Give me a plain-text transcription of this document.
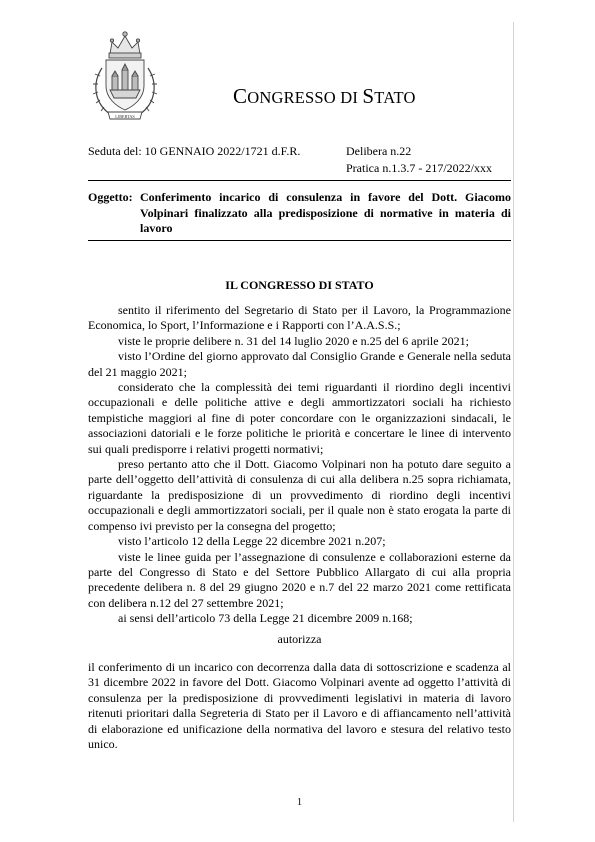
LIBERTAS
CONGRESSO DI STATO
Seduta del: 10 GENNAIO 2022/1721 d.F.R.	Delibera n.22
Pratica n.1.3.7 - 217/2022/xxx
Oggetto: Conferimento incarico di consulenza in favore del Dott. Giacomo Volpinari finalizzato alla predisposizione di normative in materia di lavoro
IL CONGRESSO DI STATO

sentito il riferimento del Segretario di Stato per il Lavoro, la Programmazione Economica, lo Sport, l’Informazione e i Rapporti con l’A.A.S.S.;

viste le proprie delibere n. 31 del 14 luglio 2020 e n.25 del 6 aprile 2021;

visto l’Ordine del giorno approvato dal Consiglio Grande e Generale nella seduta del 21 maggio 2021;

considerato che la complessità dei temi riguardanti il riordino degli incentivi occupazionali e delle politiche attive e degli ammortizzatori sociali ha richiesto tempistiche maggiori al fine di poter concordare con le organizzazioni sindacali, le associazioni datoriali e le forze politiche le priorità e concertare le linee di intervento sui quali predisporre i relativi progetti normativi;

preso pertanto atto che il Dott. Giacomo Volpinari non ha potuto dare seguito a parte dell’oggetto dell’attività di consulenza di cui alla delibera n.25 sopra richiamata, riguardante la predisposizione di un provvedimento di riordino degli incentivi occupazionali e degli ammortizzatori sociali, per il quale non è stato erogata la parte di compenso ivi previsto per la consegna del progetto;

visto l’articolo 12 della Legge 22 dicembre 2021 n.207;

viste le linee guida per l’assegnazione di consulenze e collaborazioni esterne da parte del Congresso di Stato e del Settore Pubblico Allargato di cui alla propria precedente delibera n. 8 del 29 giugno 2020 e n.7 del 22 marzo 2021 come rettificata con delibera n.12 del 27 settembre 2021;

ai sensi dell’articolo 73 della Legge 21 dicembre 2009 n.168;

autorizza
il conferimento di un incarico con decorrenza dalla data di sottoscrizione e scadenza al 31 dicembre 2022 in favore del Dott. Giacomo Volpinari avente ad oggetto l’attività di consulenza per la predisposizione di provvedimenti legislativi in materia di lavoro ritenuti prioritari dalla Segreteria di Stato per il Lavoro e di affiancamento nell’attività di elaborazione ed unificazione della normativa del lavoro e stesura del relativo testo unico.
1
